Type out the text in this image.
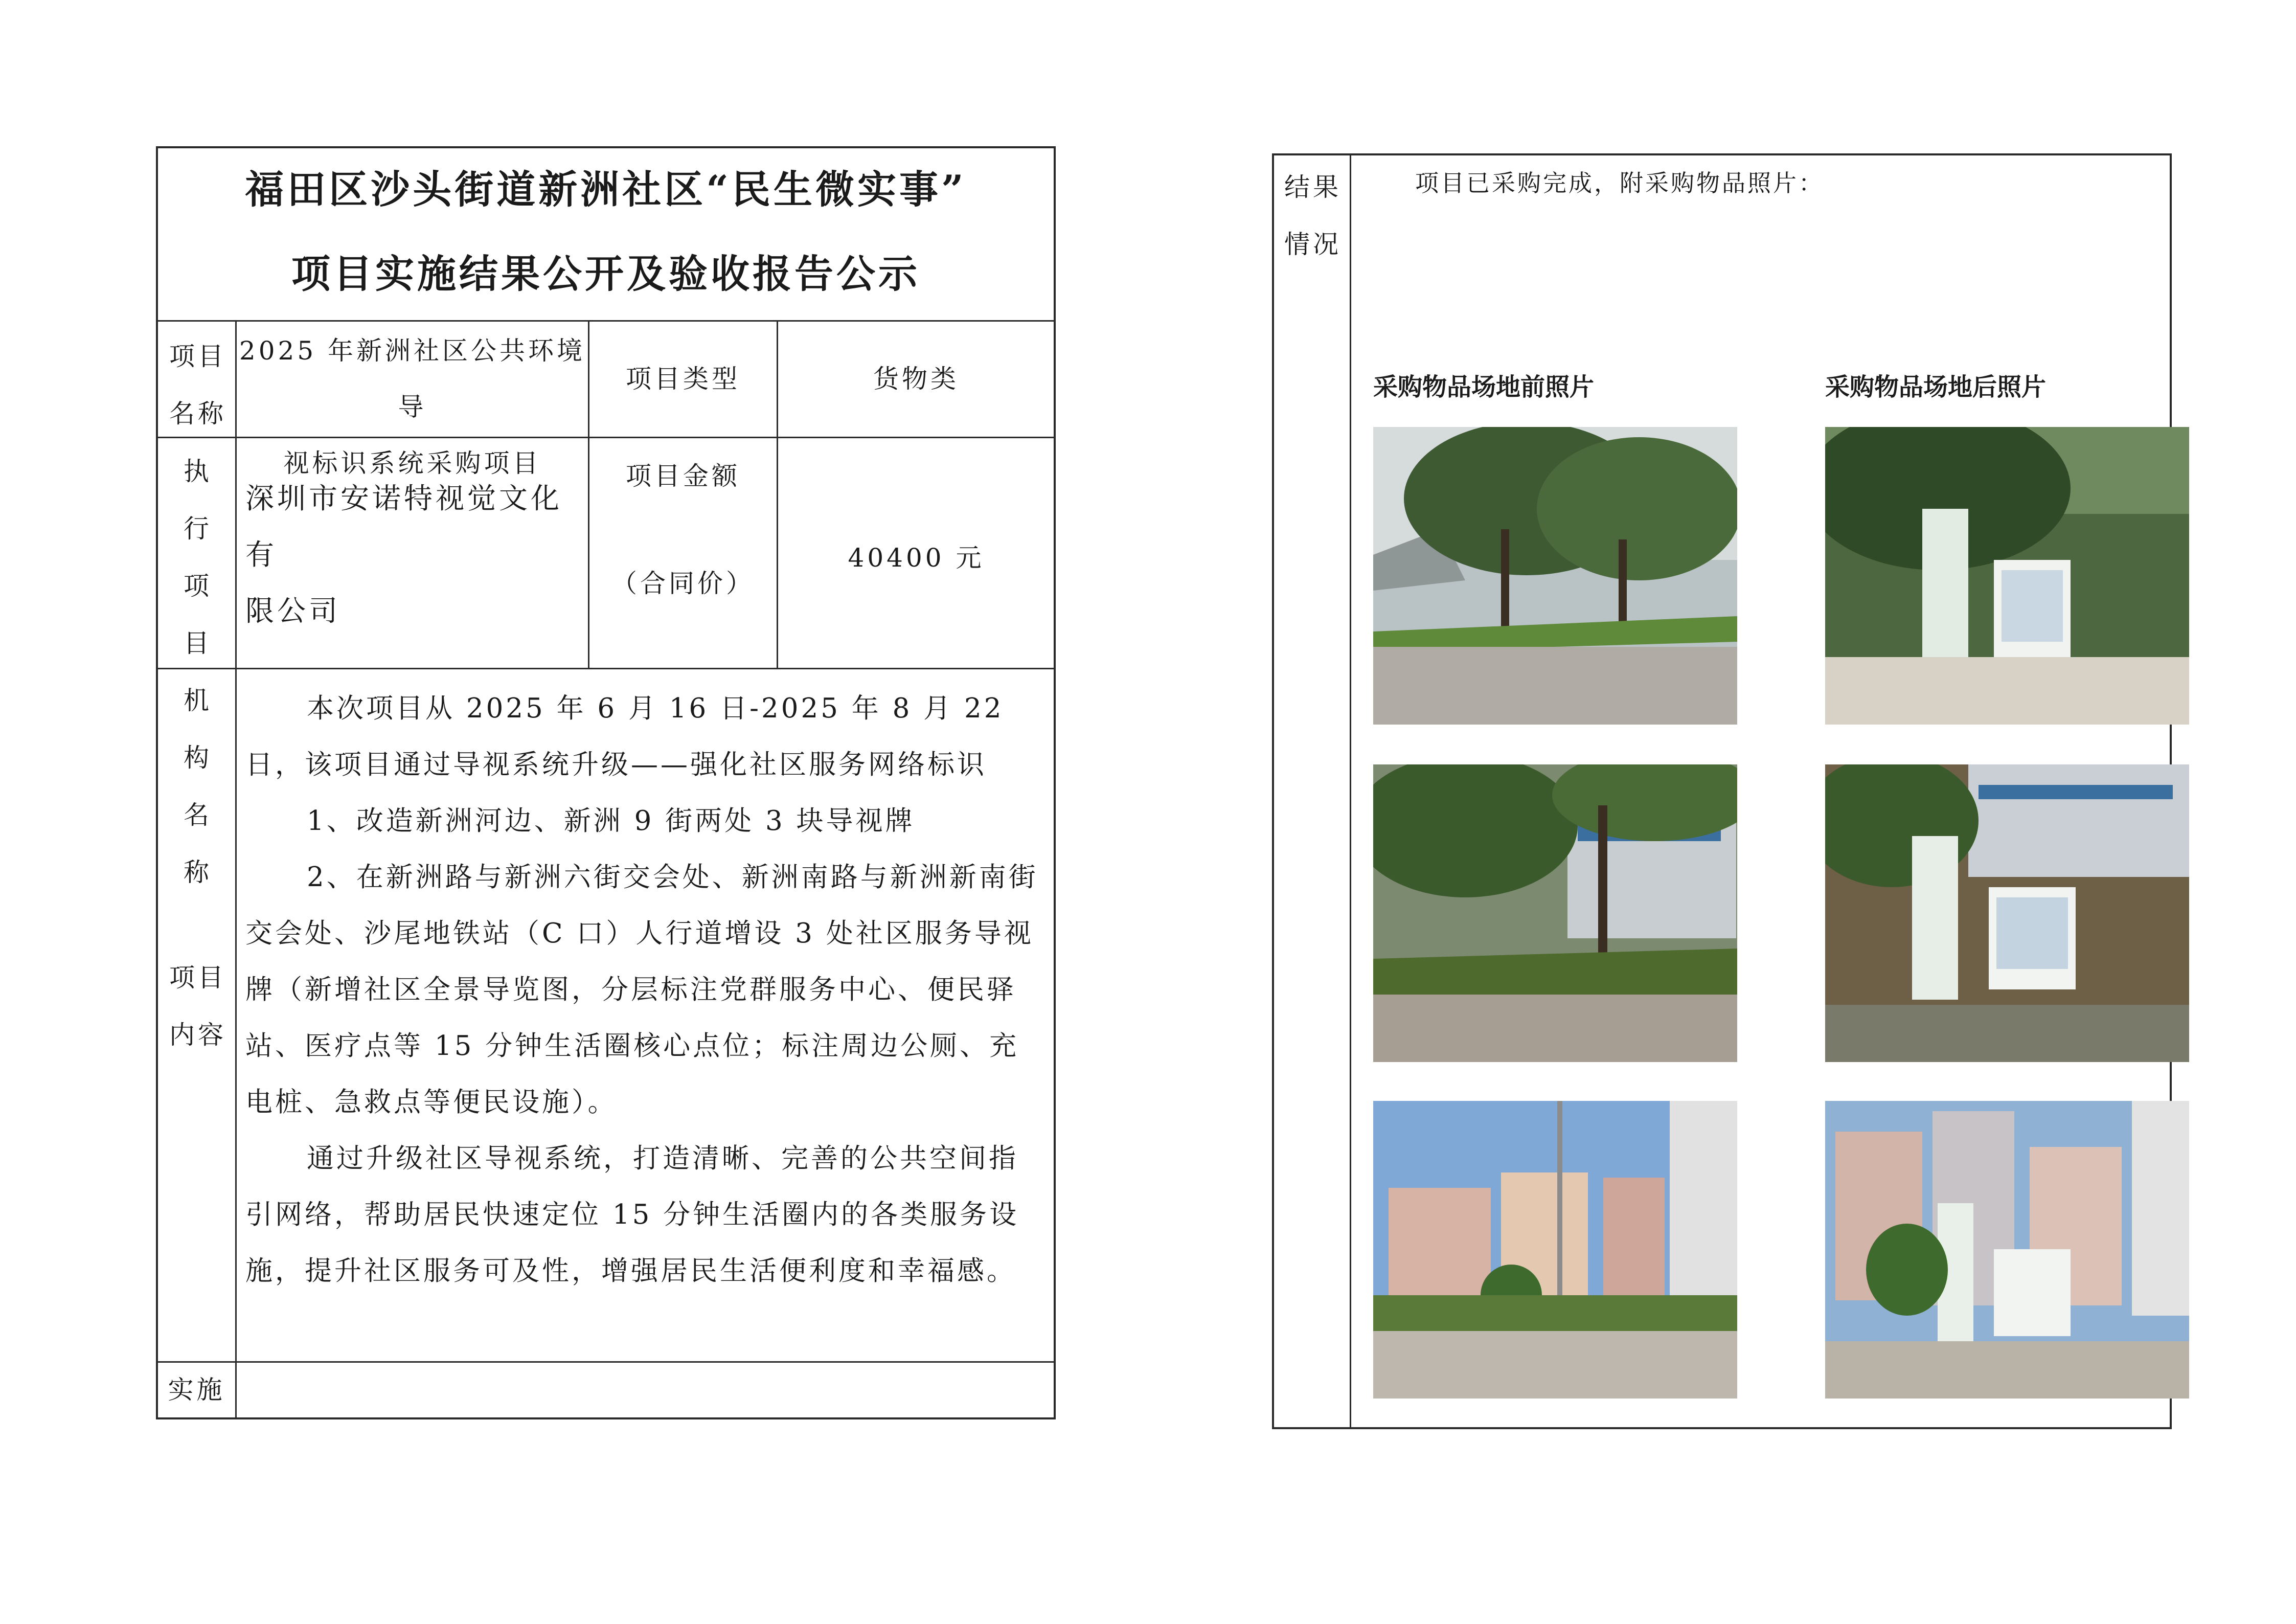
福田区沙头街道新洲社区“民生微实事”
项目实施结果公开及验收报告公示
项目名称
2025 年新洲社区公共环境导
视标识系统采购项目
项目类型	货物类
执行项目机构名称
深圳市安诺特视觉文化有
限公司
项目金额
（合同价）
40400 元
项目内容

本次项目从 2025 年 6 月 16 日-2025 年 8 月 22 日，该项目通过导视系统升级——强化社区服务网络标识

1、改造新洲河边、新洲 9 街两处 3 块导视牌

2、在新洲路与新洲六街交会处、新洲南路与新洲新南街交会处、沙尾地铁站（C 口）人行道增设 3 处社区服务导视牌（新增社区全景导览图，分层标注党群服务中心、便民驿站、医疗点等 15 分钟生活圈核心点位；标注周边公厕、充电桩、急救点等便民设施）。

通过升级社区导视系统，打造清晰、完善的公共空间指引网络，帮助居民快速定位 15 分钟生活圈内的各类服务设施，提升社区服务可及性，增强居民生活便利度和幸福感。

实施
结果情况
项目已采购完成，附采购物品照片：
采购物品场地前照片	采购物品场地后照片
